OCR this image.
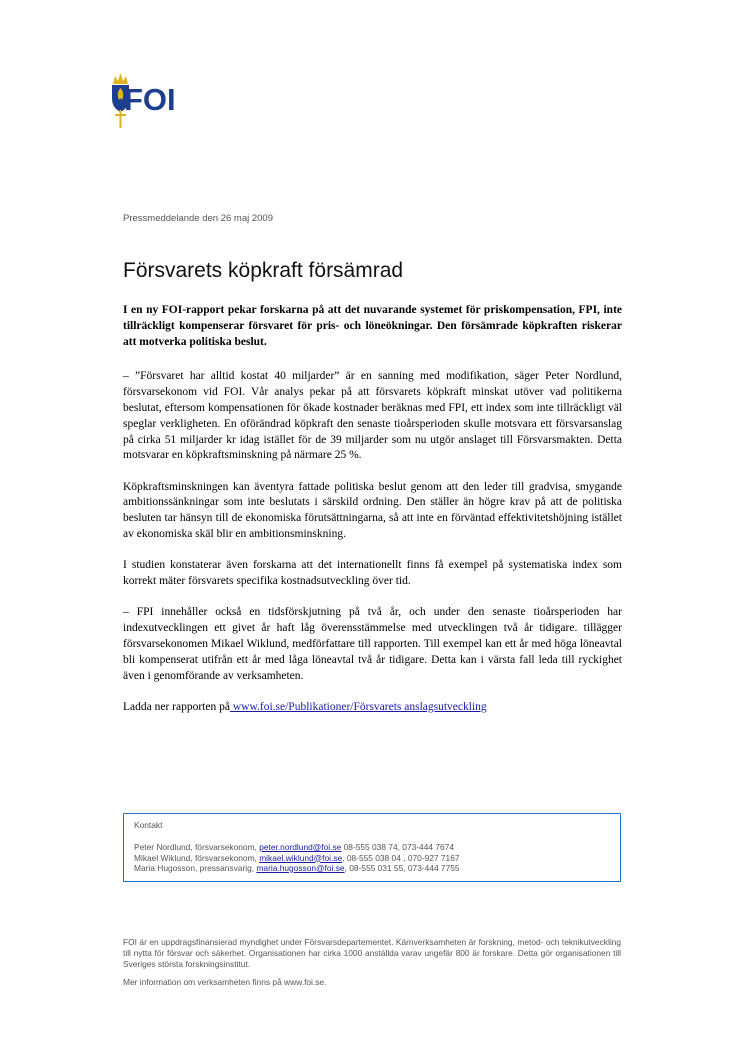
FOI
Pressmeddelande den 26 maj 2009
Försvarets köpkraft försämrad

I en ny FOI-rapport pekar forskarna på att det nuvarande systemet för priskompensation, FPI, inte tillräckligt kompenserar försvaret för pris- och löneökningar. Den försämrade köpkraften riskerar att motverka politiska beslut.

– ”Försvaret har alltid kostat 40 miljarder” är en sanning med modifikation, säger Peter Nordlund, försvarsekonom vid FOI. Vår analys pekar på att försvarets köpkraft minskat utöver vad politikerna beslutat, eftersom kompensationen för ökade kostnader beräknas med FPI, ett index som inte tillräckligt väl speglar verkligheten. En oförändrad köpkraft den senaste tioårsperioden skulle motsvara ett försvarsanslag på cirka 51 miljarder kr idag istället för de 39 miljarder som nu utgör anslaget till Försvarsmakten. Detta motsvarar en köpkraftsminskning på närmare 25 %.

Köpkraftsminskningen kan äventyra fattade politiska beslut genom att den leder till gradvisa, smygande ambitionssänkningar som inte beslutats i särskild ordning. Den ställer än högre krav på att de politiska besluten tar hänsyn till de ekonomiska förutsättningarna, så att inte en förväntad effektivitetshöjning istället av ekonomiska skäl blir en ambitionsminskning.

I studien konstaterar även forskarna att det internationellt finns få exempel på systematiska index som korrekt mäter försvarets specifika kostnadsutveckling över tid.

– FPI innehåller också en tidsförskjutning på två år, och under den senaste tioårsperioden har indexutvecklingen ett givet år haft låg överensstämmelse med utvecklingen två år tidigare. tillägger försvarsekonomen Mikael Wiklund, medförfattare till rapporten. Till exempel kan ett år med höga löneavtal bli kompenserat utifrån ett år med låga löneavtal två år tidigare. Detta kan i värsta fall leda till ryckighet även i genomförande av verksamheten.

Ladda ner rapporten på www.foi.se/Publikationer/Försvarets anslagsutveckling

Kontakt
Peter Nordlund, försvarsekonom, peter.nordlund@foi.se 08-555 038 74, 073-444 7674
Mikael Wiklund, försvarsekonom, mikael.wiklund@foi.se, 08-555 038 04 , 070-927 7167
Maria Hugosson, pressansvarig, maria.hugosson@foi.se, 08-555 031 55, 073-444 7755
FOI är en uppdragsfinansierad myndighet under Försvarsdepartementet. Kärnverksamheten är forskning, metod- och teknikutveckling till nytta för försvar och säkerhet. Organisationen har cirka 1000 anställda varav ungefär 800 är forskare. Detta gör organisationen till Sveriges största forskningsinstitut.
Mer information om verksamheten finns på www.foi.se.
